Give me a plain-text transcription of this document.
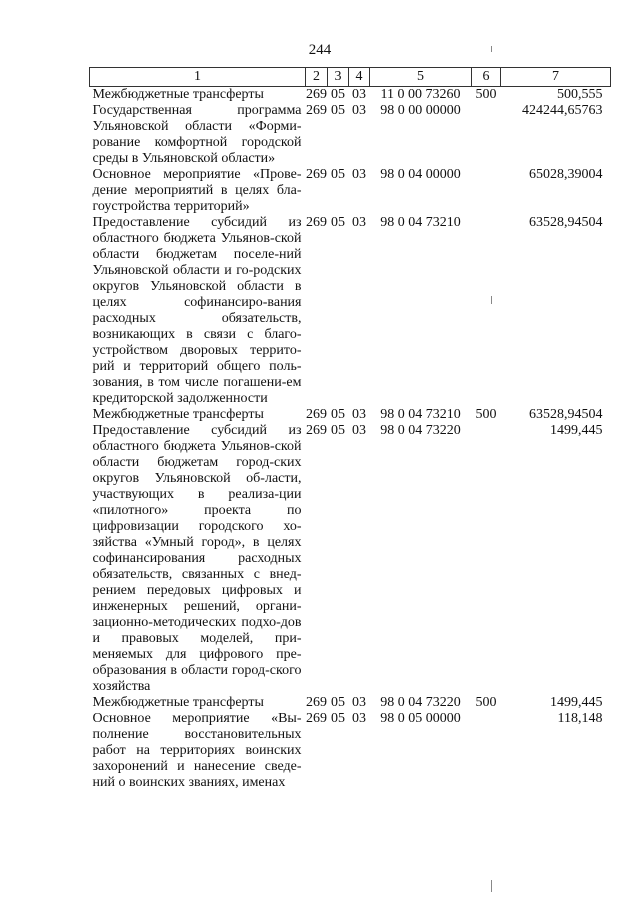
244
1	2	3	4	5	6	7
Межбюджетные трансферты	269	05	03	11 0 00 73260	500	500,555
Государственная программа Ульяновской области «Форми-рование комфортной городской среды в Ульяновской области»	269	05	03	98 0 00 00000		424244,65763
Основное мероприятие «Прове-дение мероприятий в целях бла-гоустройства территорий»	269	05	03	98 0 04 00000		65028,39004
Предоставление субсидий из областного бюджета Ульянов-ской области бюджетам поселе-ний Ульяновской области и го-родских округов Ульяновской области в целях софинансиро-вания расходных обязательств, возникающих в связи с благо-устройством дворовых террито-рий и территорий общего поль-зования, в том числе погашени-ем кредиторской задолженности	269	05	03	98 0 04 73210		63528,94504
Межбюджетные трансферты	269	05	03	98 0 04 73210	500	63528,94504
Предоставление субсидий из областного бюджета Ульянов-ской области бюджетам город-ских округов Ульяновской об-ласти, участвующих в реализа-ции «пилотного» проекта по цифровизации городского хо-зяйства «Умный город», в целях софинансирования расходных обязательств, связанных с внед-рением передовых цифровых и инженерных решений, органи-зационно-методических подхо-дов и правовых моделей, при-меняемых для цифрового пре-образования в области город-ского хозяйства	269	05	03	98 0 04 73220		1499,445
Межбюджетные трансферты	269	05	03	98 0 04 73220	500	1499,445
Основное мероприятие «Вы-полнение восстановительных работ на территориях воинских захоронений и нанесение сведе-ний о воинских званиях, именах	269	05	03	98 0 05 00000		118,148
